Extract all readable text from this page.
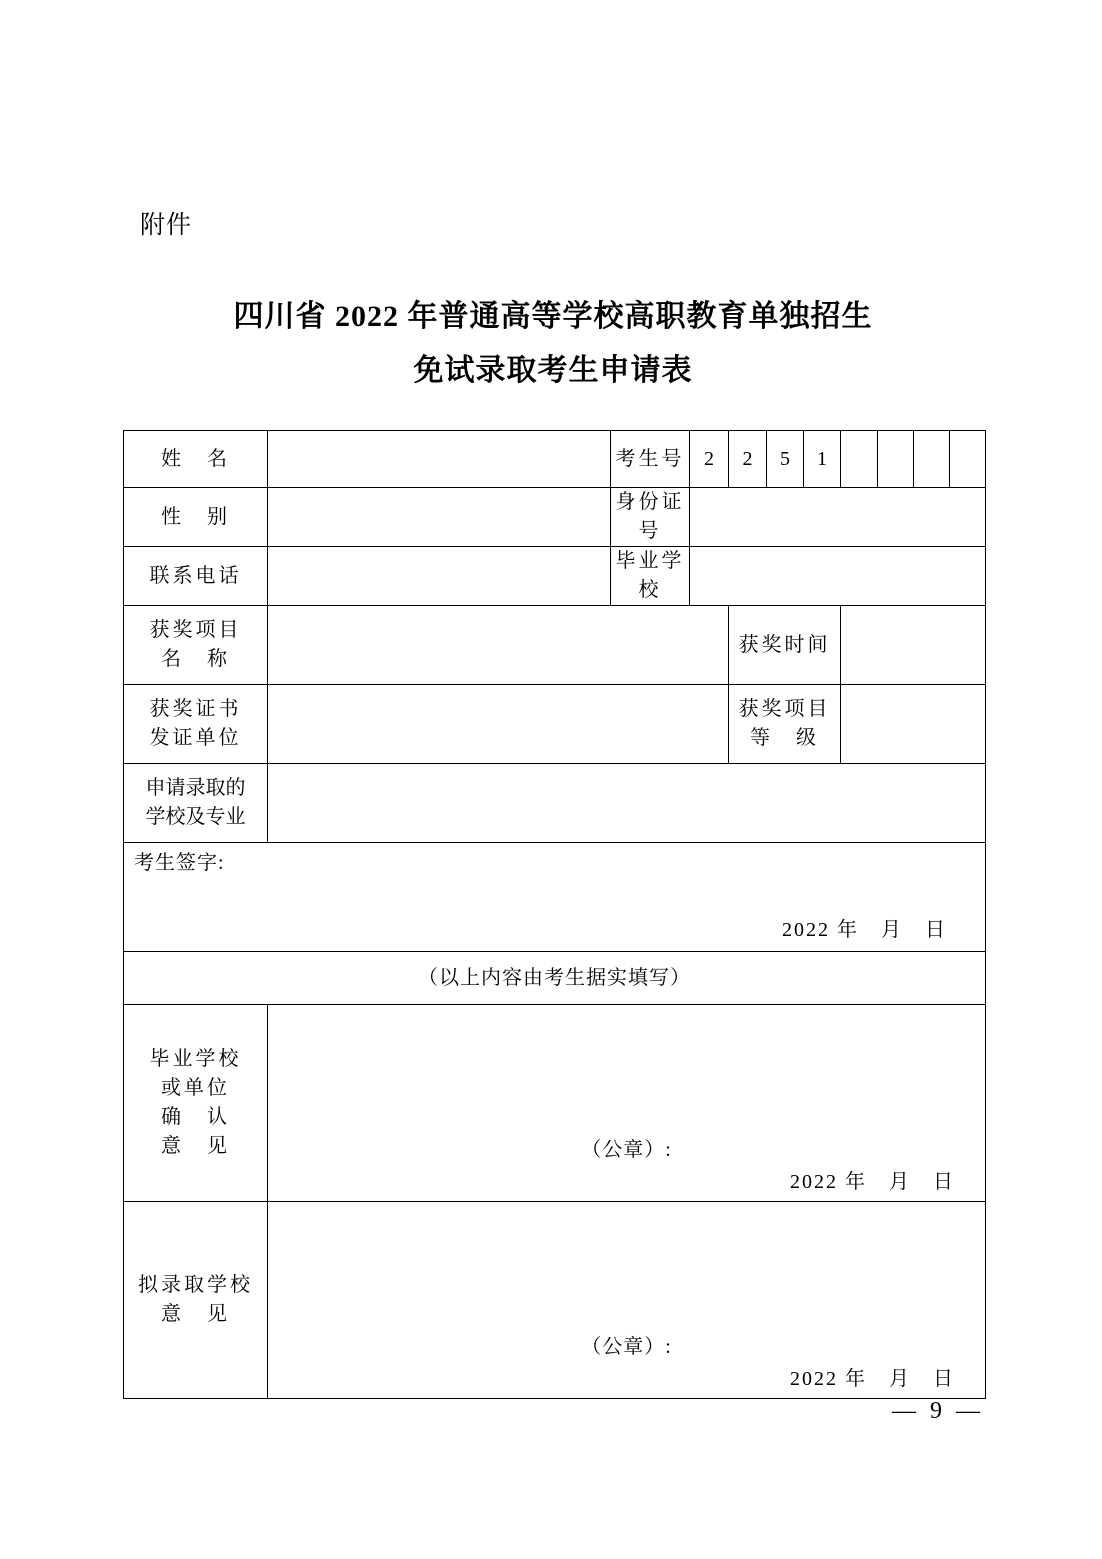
附件
四川省 2022 年普通高等学校高职教育单独招生
免试录取考生申请表
姓　名		考生号	2	2	5	1				
性　别		身份证号								
联系电话		毕业学校								

获奖项目
名　称				获奖时间						

获奖证书
发证单位				获奖项目
等　级						

申请录取的
学校及专业										

考生签字:
2022 年　月　日										

（以上内容由考生据实填写）										

毕业学校
或单位
确　认
意　见	（公章）:
2022 年　月　日									

拟录取学校
意　见	（公章）:
2022 年　月　日									
— 9 —
